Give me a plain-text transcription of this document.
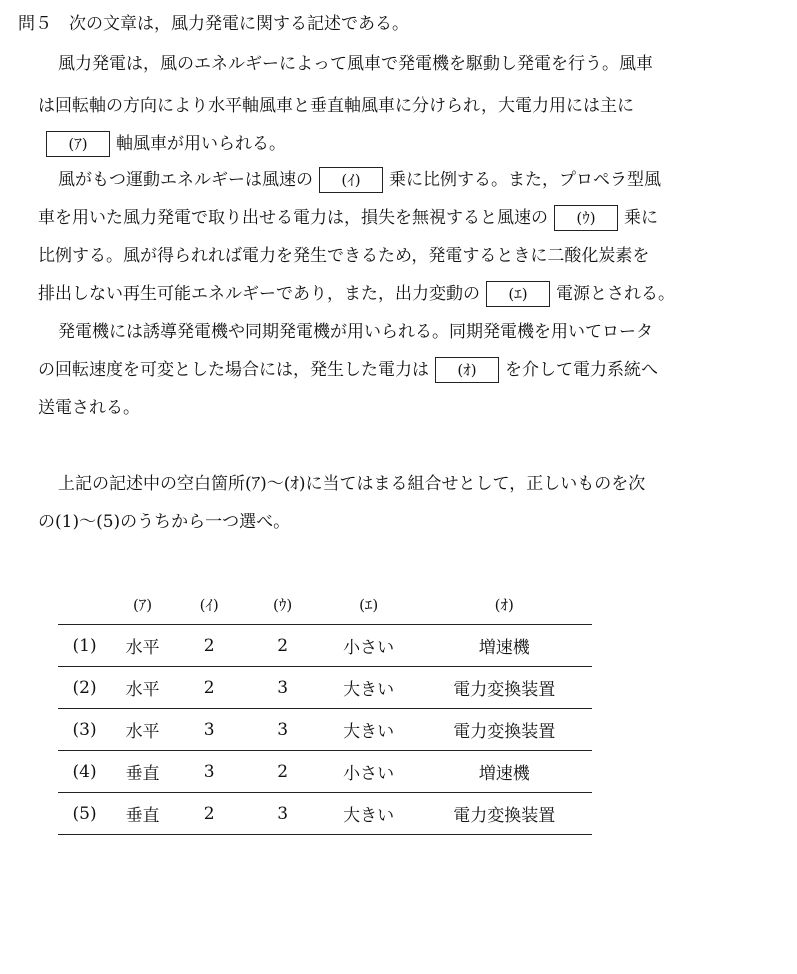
問５　次の文章は，風力発電に関する記述である。
風力発電は，風のエネルギーによって風車で発電機を駆動し発電を行う。風車
は回転軸の方向により水平軸風車と垂直軸風車に分けられ，大電力用には主に
(ｱ)	軸風車が用いられる。
風がもつ運動エネルギーは風速の	(ｲ)	乗に比例する。また，プロペラ型風
車を用いた風力発電で取り出せる電力は，損失を無視すると風速の	(ｳ)	乗に
比例する。風が得られれば電力を発生できるため，発電するときに二酸化炭素を
排出しない再生可能エネルギーであり，また，出力変動の	(ｴ)	電源とされる。
発電機には誘導発電機や同期発電機が用いられる。同期発電機を用いてロータ
の回転速度を可変とした場合には，発生した電力は	(ｵ)	を介して電力系統へ
送電される。
上記の記述中の空白箇所(ｱ)～(ｵ)に当てはまる組合せとして，正しいものを次
の(1)～(5)のうちから一つ選べ。
	(ｱ)	(ｲ)	(ｳ)	(ｴ)	(ｵ)
(1)	水平	2	2	小さい	増速機
(2)	水平	2	3	大きい	電力変換装置
(3)	水平	3	3	大きい	電力変換装置
(4)	垂直	3	2	小さい	増速機
(5)	垂直	2	3	大きい	電力変換装置
